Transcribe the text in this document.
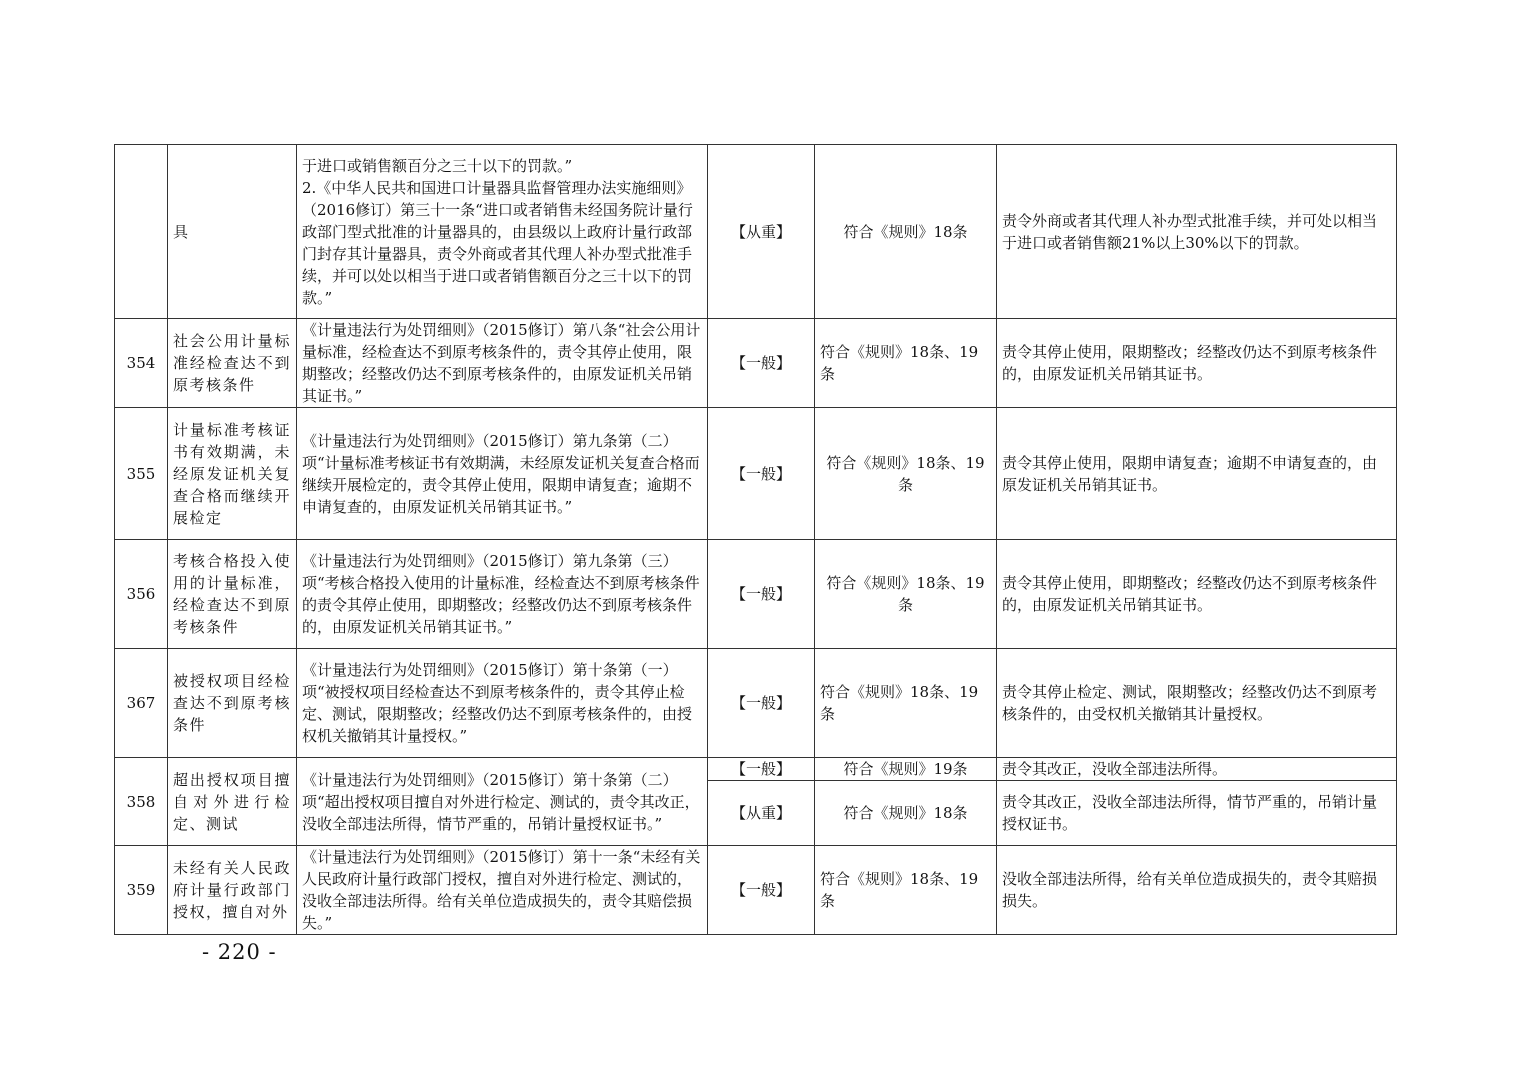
	具	于进口或销售额百分之三十以下的罚款。”
2.《中华人民共和国进口计量器具监督管理办法实施细则》（2016修订）第三十一条“进口或者销售未经国务院计量行政部门型式批准的计量器具的，由县级以上政府计量行政部门封存其计量器具，责令外商或者其代理人补办型式批准手续，并可以处以相当于进口或者销售额百分之三十以下的罚款。”	【从重】	符合《规则》18条	责令外商或者其代理人补办型式批准手续，并可处以相当于进口或者销售额21%以上30%以下的罚款。
354	社会公用计量标准经检查达不到原考核条件	《计量违法行为处罚细则》（2015修订）第八条“社会公用计量标准，经检查达不到原考核条件的，责令其停止使用，限期整改；经整改仍达不到原考核条件的，由原发证机关吊销其证书。”	【一般】	符合《规则》18条、19条	责令其停止使用，限期整改；经整改仍达不到原考核条件的，由原发证机关吊销其证书。
355	计量标准考核证书有效期满，未经原发证机关复查合格而继续开展检定	《计量违法行为处罚细则》（2015修订）第九条第（二）项“计量标准考核证书有效期满，未经原发证机关复查合格而继续开展检定的，责令其停止使用，限期申请复查；逾期不申请复查的，由原发证机关吊销其证书。”	【一般】	符合《规则》18条、19条	责令其停止使用，限期申请复查；逾期不申请复查的，由原发证机关吊销其证书。
356	考核合格投入使用的计量标准，经检查达不到原考核条件	《计量违法行为处罚细则》（2015修订）第九条第（三）项“考核合格投入使用的计量标准，经检查达不到原考核条件的责令其停止使用，即期整改；经整改仍达不到原考核条件的，由原发证机关吊销其证书。”	【一般】	符合《规则》18条、19条	责令其停止使用，即期整改；经整改仍达不到原考核条件的，由原发证机关吊销其证书。
367	被授权项目经检查达不到原考核条件	《计量违法行为处罚细则》（2015修订）第十条第（一）项“被授权项目经检查达不到原考核条件的，责令其停止检定、测试，限期整改；经整改仍达不到原考核条件的，由授权机关撤销其计量授权。”	【一般】	符合《规则》18条、19条	责令其停止检定、测试，限期整改；经整改仍达不到原考核条件的，由受权机关撤销其计量授权。
358	超出授权项目擅自对外进行检定、测试	《计量违法行为处罚细则》（2015修订）第十条第（二）项“超出授权项目擅自对外进行检定、测试的，责令其改正，没收全部违法所得，情节严重的，吊销计量授权证书。”	【一般】	符合《规则》19条	责令其改正，没收全部违法所得。
			【从重】	符合《规则》18条	责令其改正，没收全部违法所得，情节严重的，吊销计量授权证书。
359	未经有关人民政府计量行政部门授权，擅自对外	《计量违法行为处罚细则》（2015修订）第十一条“未经有关人民政府计量行政部门授权，擅自对外进行检定、测试的，没收全部违法所得。给有关单位造成损失的，责令其赔偿损失。”	【一般】	符合《规则》18条、19条	没收全部违法所得，给有关单位造成损失的，责令其赔损损失。
- 220 -
